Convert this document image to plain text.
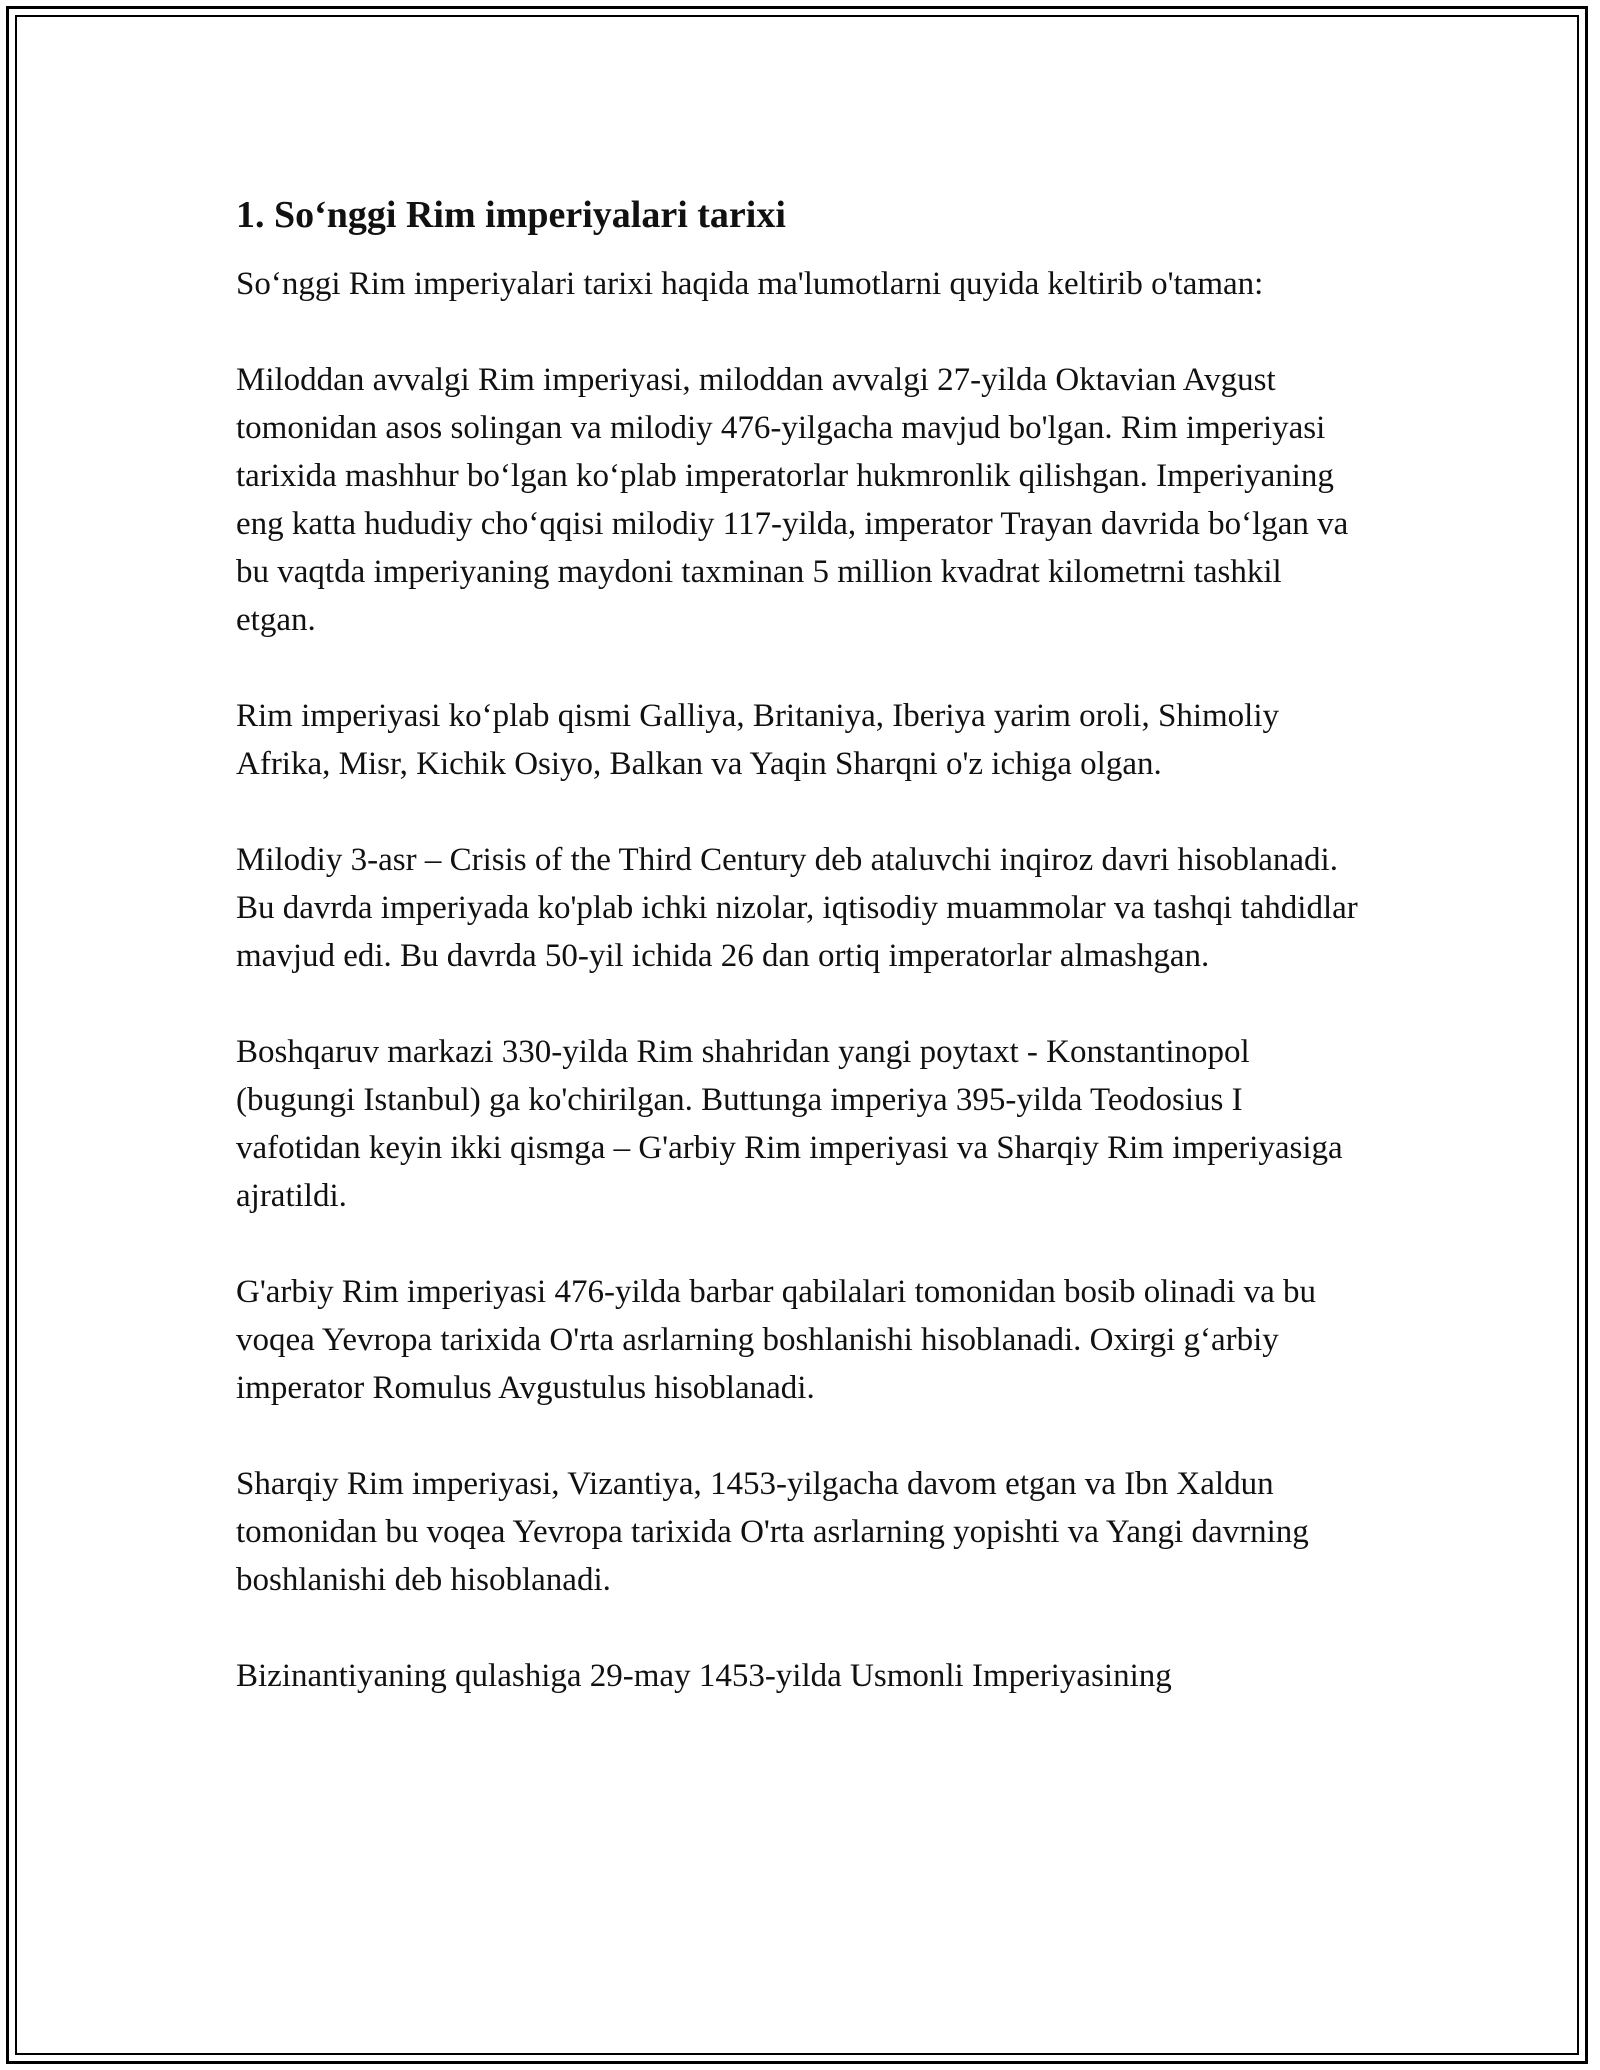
1. So‘nggi Rim imperiyalari tarixi

So‘nggi Rim imperiyalari tarixi haqida ma'lumotlarni quyida keltirib o'taman:

Miloddan avvalgi Rim imperiyasi, miloddan avvalgi 27-yilda Oktavian Avgust tomonidan asos solingan va milodiy 476-yilgacha mavjud bo'lgan. Rim imperiyasi tarixida mashhur bo‘lgan ko‘plab imperatorlar hukmronlik qilishgan. Imperiyaning eng katta hududiy cho‘qqisi milodiy 117-yilda, imperator Trayan davrida bo‘lgan va bu vaqtda imperiyaning maydoni taxminan 5 million kvadrat kilometrni tashkil etgan.

Rim imperiyasi ko‘plab qismi Galliya, Britaniya, Iberiya yarim oroli, Shimoliy Afrika, Misr, Kichik Osiyo, Balkan va Yaqin Sharqni o'z ichiga olgan.

Milodiy 3-asr – Crisis of the Third Century deb ataluvchi inqiroz davri hisoblanadi. Bu davrda imperiyada ko'plab ichki nizolar, iqtisodiy muammolar va tashqi tahdidlar mavjud edi. Bu davrda 50-yil ichida 26 dan ortiq imperatorlar almashgan.

Boshqaruv markazi 330-yilda Rim shahridan yangi poytaxt - Konstantinopol (bugungi Istanbul) ga ko'chirilgan. Buttunga imperiya 395-yilda Teodosius I vafotidan keyin ikki qismga – G'arbiy Rim imperiyasi va Sharqiy Rim imperiyasiga ajratildi.

G'arbiy Rim imperiyasi 476-yilda barbar qabilalari tomonidan bosib olinadi va bu voqea Yevropa tarixida O'rta asrlarning boshlanishi hisoblanadi. Oxirgi g‘arbiy imperator Romulus Avgustulus hisoblanadi.

Sharqiy Rim imperiyasi, Vizantiya, 1453-yilgacha davom etgan va Ibn Xaldun tomonidan bu voqea Yevropa tarixida O'rta asrlarning yopishti va Yangi davrning boshlanishi deb hisoblanadi.

Bizinantiyaning qulashiga 29-may 1453-yilda Usmonli Imperiyasining
